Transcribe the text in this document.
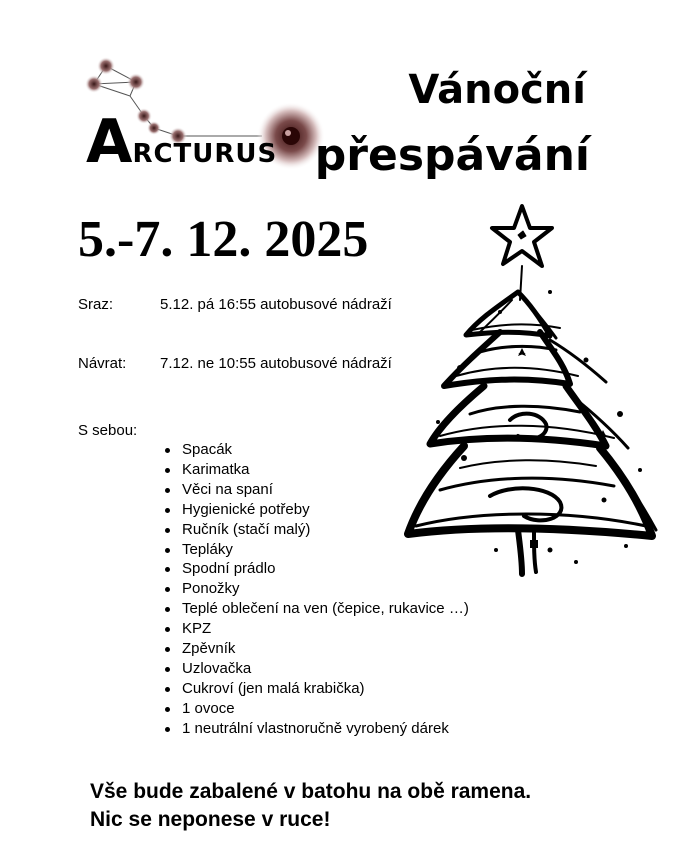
ARCTURUS
Vánoční
přespávání
5.-7. 12. 2025
Sraz:	5.12. pá 16:55 autobusové nádraží
Návrat: 7.12. ne 10:55 autobusové nádraží
S sebou:
Spacák
Karimatka
Věci na spaní
Hygienické potřeby
Ručník (stačí malý)
Tepláky
Spodní prádlo
Ponožky
Teplé oblečení na ven (čepice, rukavice …)
KPZ
Zpěvník
Uzlovačka
Cukroví (jen malá krabička)
1 ovoce
1 neutrální vlastnoručně vyrobený dárek
Vše bude zabalené v batohu na obě ramena.
Nic se neponese v ruce!
